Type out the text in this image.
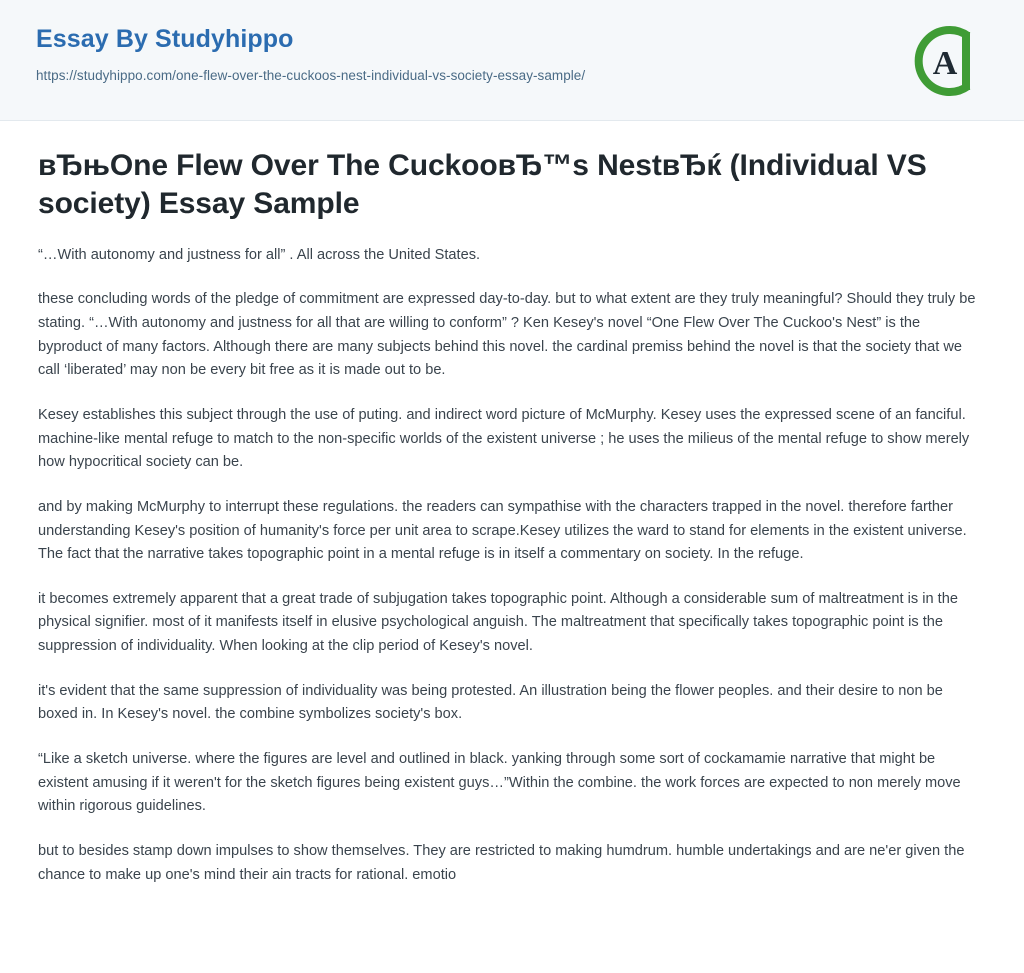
Essay By Studyhippo
https://studyhippo.com/one-flew-over-the-cuckoos-nest-individual-vs-society-essay-sample/	A
вЂњOne Flew Over The CuckooвЂ™s NestвЂќ (Individual VS society) Essay Sample

“…With autonomy and justness for all” . All across the United States.

these concluding words of the pledge of commitment are expressed day-to-day. but to what extent are they truly meaningful? Should they truly be stating. “…With autonomy and justness for all that are willing to conform” ? Ken Kesey's novel “One Flew Over The Cuckoo's Nest” is the byproduct of many factors. Although there are many subjects behind this novel. the cardinal premiss behind the novel is that the society that we call ‘liberated’ may non be every bit free as it is made out to be.

Kesey establishes this subject through the use of puting. and indirect word picture of McMurphy. Kesey uses the expressed scene of an fanciful. machine-like mental refuge to match to the non-specific worlds of the existent universe ; he uses the milieus of the mental refuge to show merely how hypocritical society can be.

and by making McMurphy to interrupt these regulations. the readers can sympathise with the characters trapped in the novel. therefore farther understanding Kesey's position of humanity's force per unit area to scrape.Kesey utilizes the ward to stand for elements in the existent universe. The fact that the narrative takes topographic point in a mental refuge is in itself a commentary on society. In the refuge.

it becomes extremely apparent that a great trade of subjugation takes topographic point. Although a considerable sum of maltreatment is in the physical signifier. most of it manifests itself in elusive psychological anguish. The maltreatment that specifically takes topographic point is the suppression of individuality. When looking at the clip period of Kesey's novel.

it's evident that the same suppression of individuality was being protested. An illustration being the flower peoples. and their desire to non be boxed in. In Kesey's novel. the combine symbolizes society's box.

“Like a sketch universe. where the figures are level and outlined in black. yanking through some sort of cockamamie narrative that might be existent amusing if it weren't for the sketch figures being existent guys…”Within the combine. the work forces are expected to non merely move within rigorous guidelines.

but to besides stamp down impulses to show themselves. They are restricted to making humdrum. humble undertakings and are ne'er given the chance to make up one's mind their ain tracts for rational. emotio
